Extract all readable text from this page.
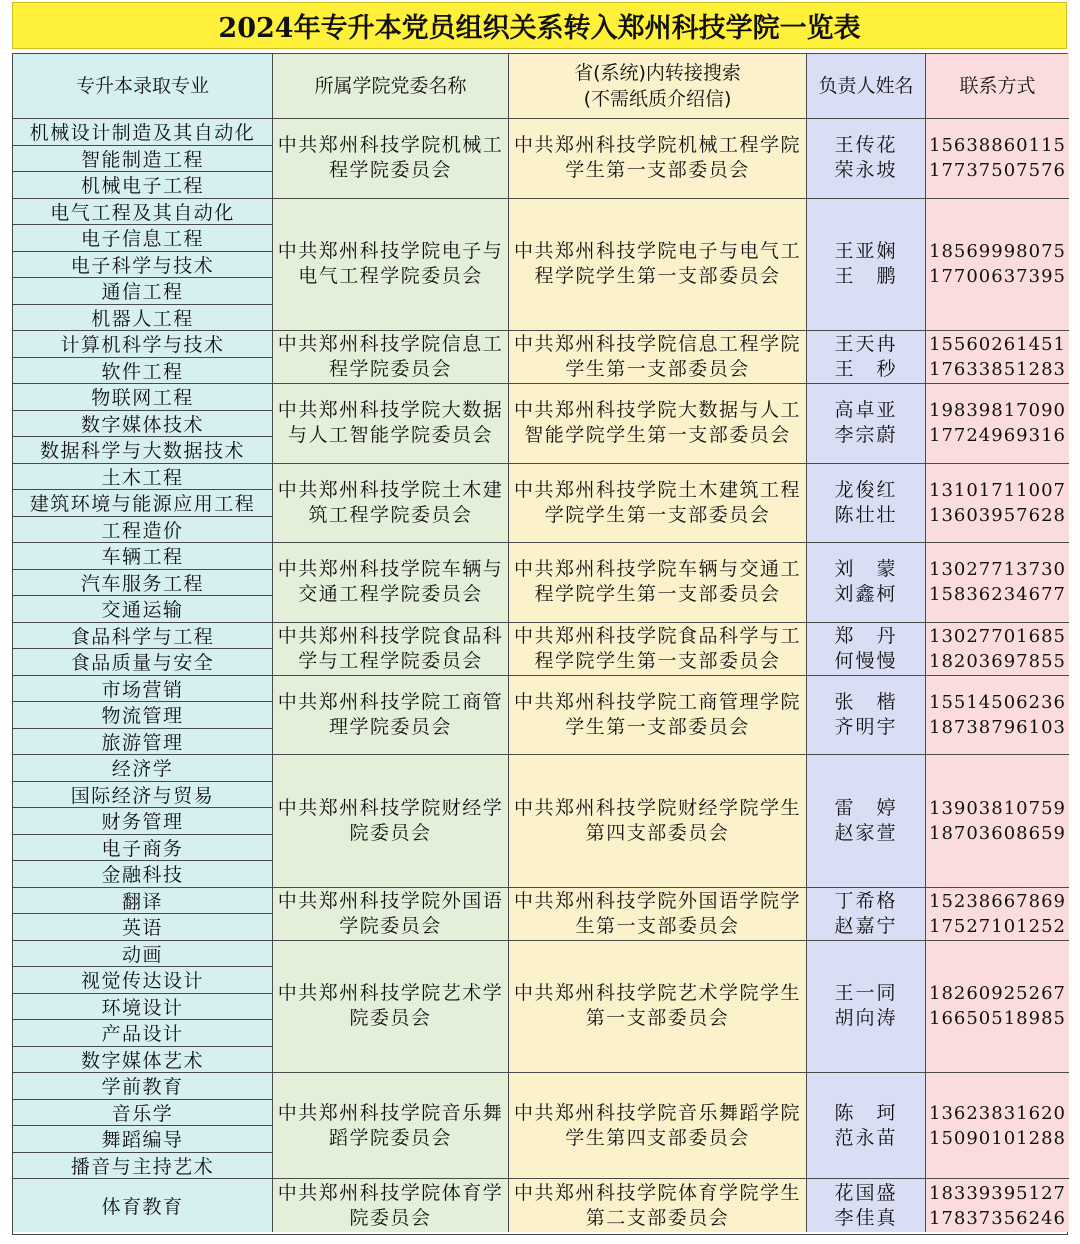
2024年专升本党员组织关系转入郑州科技学院一览表
专升本录取专业	所属学院党委名称
省(系统)内转接搜索
(不需纸质介绍信)
负责人姓名	联系方式
机械设计制造及其自动化
智能制造工程
机械电子工程
中共郑州科技学院机械工程学院委员会
中共郑州科技学院机械工程学院学生第一支部委员会
王传花
荣永坡
15638860115
17737507576
电气工程及其自动化
电子信息工程
电子科学与技术
通信工程
机器人工程
中共郑州科技学院电子与电气工程学院委员会
中共郑州科技学院电子与电气工程学院学生第一支部委员会
王亚娴
王　鹏
18569998075
17700637395
计算机科学与技术
软件工程
中共郑州科技学院信息工程学院委员会
中共郑州科技学院信息工程学院学生第一支部委员会
王天冉
王　秒
15560261451
17633851283
物联网工程
数字媒体技术
数据科学与大数据技术
中共郑州科技学院大数据与人工智能学院委员会
中共郑州科技学院大数据与人工智能学院学生第一支部委员会
高卓亚
李宗蔚
19839817090
17724969316
土木工程
建筑环境与能源应用工程
工程造价
中共郑州科技学院土木建筑工程学院委员会
中共郑州科技学院土木建筑工程学院学生第一支部委员会
龙俊红
陈壮壮
13101711007
13603957628
车辆工程
汽车服务工程
交通运输
中共郑州科技学院车辆与交通工程学院委员会
中共郑州科技学院车辆与交通工程学院学生第一支部委员会
刘　蒙
刘鑫柯
13027713730
15836234677
食品科学与工程
食品质量与安全
中共郑州科技学院食品科学与工程学院委员会
中共郑州科技学院食品科学与工程学院学生第一支部委员会
郑　丹
何慢慢
13027701685
18203697855
市场营销
物流管理
旅游管理
中共郑州科技学院工商管理学院委员会
中共郑州科技学院工商管理学院学生第一支部委员会
张　楷
齐明宇
15514506236
18738796103
经济学
国际经济与贸易
财务管理
电子商务
金融科技
中共郑州科技学院财经学院委员会
中共郑州科技学院财经学院学生第四支部委员会
雷　婷
赵家萱
13903810759
18703608659
翻译
英语
中共郑州科技学院外国语学院委员会
中共郑州科技学院外国语学院学生第一支部委员会
丁希格
赵嘉宁
15238667869
17527101252
动画
视觉传达设计
环境设计
产品设计
数字媒体艺术
中共郑州科技学院艺术学院委员会
中共郑州科技学院艺术学院学生第一支部委员会
王一同
胡向涛
18260925267
16650518985
学前教育
音乐学
舞蹈编导
播音与主持艺术
中共郑州科技学院音乐舞蹈学院委员会
中共郑州科技学院音乐舞蹈学院学生第四支部委员会
陈　珂
范永苗
13623831620
15090101288
体育教育
中共郑州科技学院体育学院委员会
中共郑州科技学院体育学院学生第二支部委员会
花国盛
李佳真
18339395127
17837356246
